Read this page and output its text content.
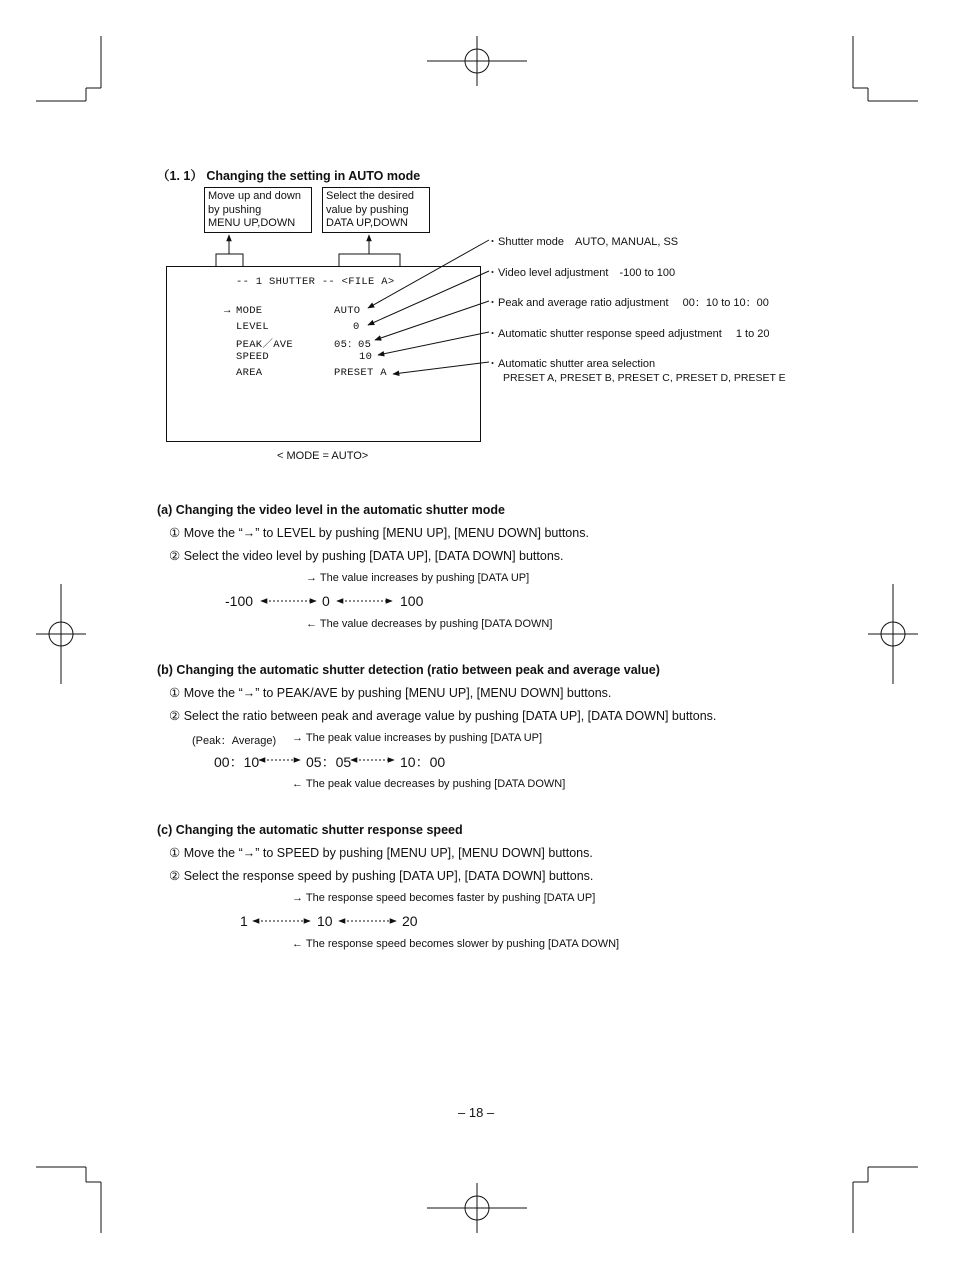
（1. 1） Changing the setting in AUTO mode
Move up and down
by pushing
MENU UP,DOWN
Select the desired
value by pushing
DATA UP,DOWN
-- 1 SHUTTER -- <FILE A>
→ MODE	AUTO
LEVEL	0
PEAK／AVE	05：05
SPEED	10
AREA	PRESET A
< MODE = AUTO>
・Shutter mode　AUTO, MANUAL, SS
・Video level adjustment　-100 to 100
・Peak and average ratio adjustment　 00：10 to 10：00
・Automatic shutter response speed adjustment　 1 to 20
・Automatic shutter area selection
PRESET A, PRESET B, PRESET C, PRESET D, PRESET E
(a) Changing the video level in the automatic shutter mode
① Move the “→” to LEVEL by pushing [MENU UP], [MENU DOWN] buttons.
② Select the video level by pushing [DATA UP], [DATA DOWN] buttons.
→ The value increases by pushing [DATA UP]
-100	0	100
← The value decreases by pushing [DATA DOWN]
(b) Changing the automatic shutter detection (ratio between peak and average value)
① Move the “→” to PEAK/AVE by pushing [MENU UP], [MENU DOWN] buttons.
② Select the ratio between peak and average value by pushing [DATA UP], [DATA DOWN] buttons.
(Peak：Average) → The peak value increases by pushing [DATA UP]
00：10	05：05	10：00
← The peak value decreases by pushing [DATA DOWN]
(c) Changing the automatic shutter response speed
① Move the “→” to SPEED by pushing [MENU UP], [MENU DOWN] buttons.
② Select the response speed by pushing [DATA UP], [DATA DOWN] buttons.
→ The response speed becomes faster by pushing [DATA UP]
1	10	20
← The response speed becomes slower by pushing [DATA DOWN]
– 18 –
